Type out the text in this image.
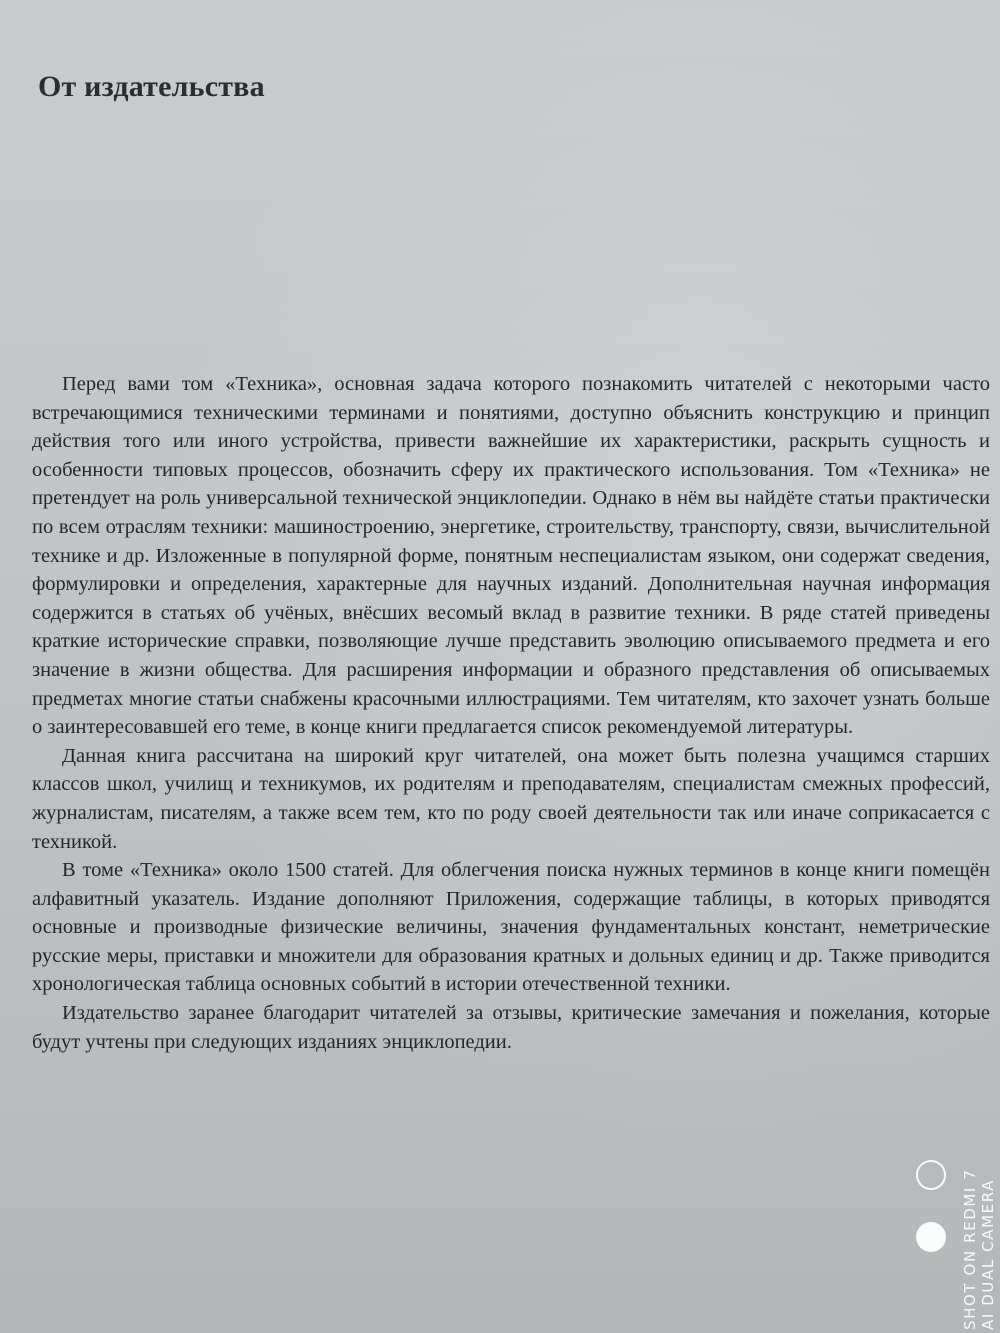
От издательства

Перед вами том «Техника», основная задача которого познакомить читателей с некоторыми часто встречающимися техническими терминами и понятиями, доступно объяснить конструкцию и принцип действия того или иного устройства, привести важнейшие их характеристики, раскрыть сущность и особенности типовых процессов, обозначить сферу их практического использования. Том «Техника» не претендует на роль универсальной технической энциклопедии. Однако в нём вы найдёте статьи практически по всем отраслям техники: машиностроению, энергетике, строительству, транспорту, связи, вычислительной технике и др. Изложенные в популярной форме, понятным неспециалистам языком, они содержат сведения, формулировки и определения, характерные для научных изданий. Дополнительная научная информация содержится в статьях об учёных, внёсших весомый вклад в развитие техники. В ряде статей приведены краткие исторические справки, позволяющие лучше представить эволюцию описываемого предмета и его значение в жизни общества. Для расширения информации и образного представления об описываемых предметах многие статьи снабжены красочными иллюстрациями. Тем читателям, кто захочет узнать больше о заинтересовавшей его теме, в конце книги предлагается список рекомендуемой литературы.

Данная книга рассчитана на широкий круг читателей, она может быть полезна учащимся старших классов школ, училищ и техникумов, их родителям и преподавателям, специалистам смежных профессий, журналистам, писателям, а также всем тем, кто по роду своей деятельности так или иначе соприкасается с техникой.

В томе «Техника» около 1500 статей. Для облегчения поиска нужных терминов в конце книги помещён алфавитный указатель. Издание дополняют Приложения, содержащие таблицы, в которых приводятся основные и производные физические величины, значения фундаментальных констант, неметрические русские меры, приставки и множители для образования кратных и дольных единиц и др. Также приводится хронологическая таблица основных событий в истории отечественной техники.

Издательство заранее благодарит читателей за отзывы, критические замечания и пожелания, которые будут учтены при следующих изданиях энциклопедии.

SHOT ON REDMI 7
AI DUAL CAMERA
